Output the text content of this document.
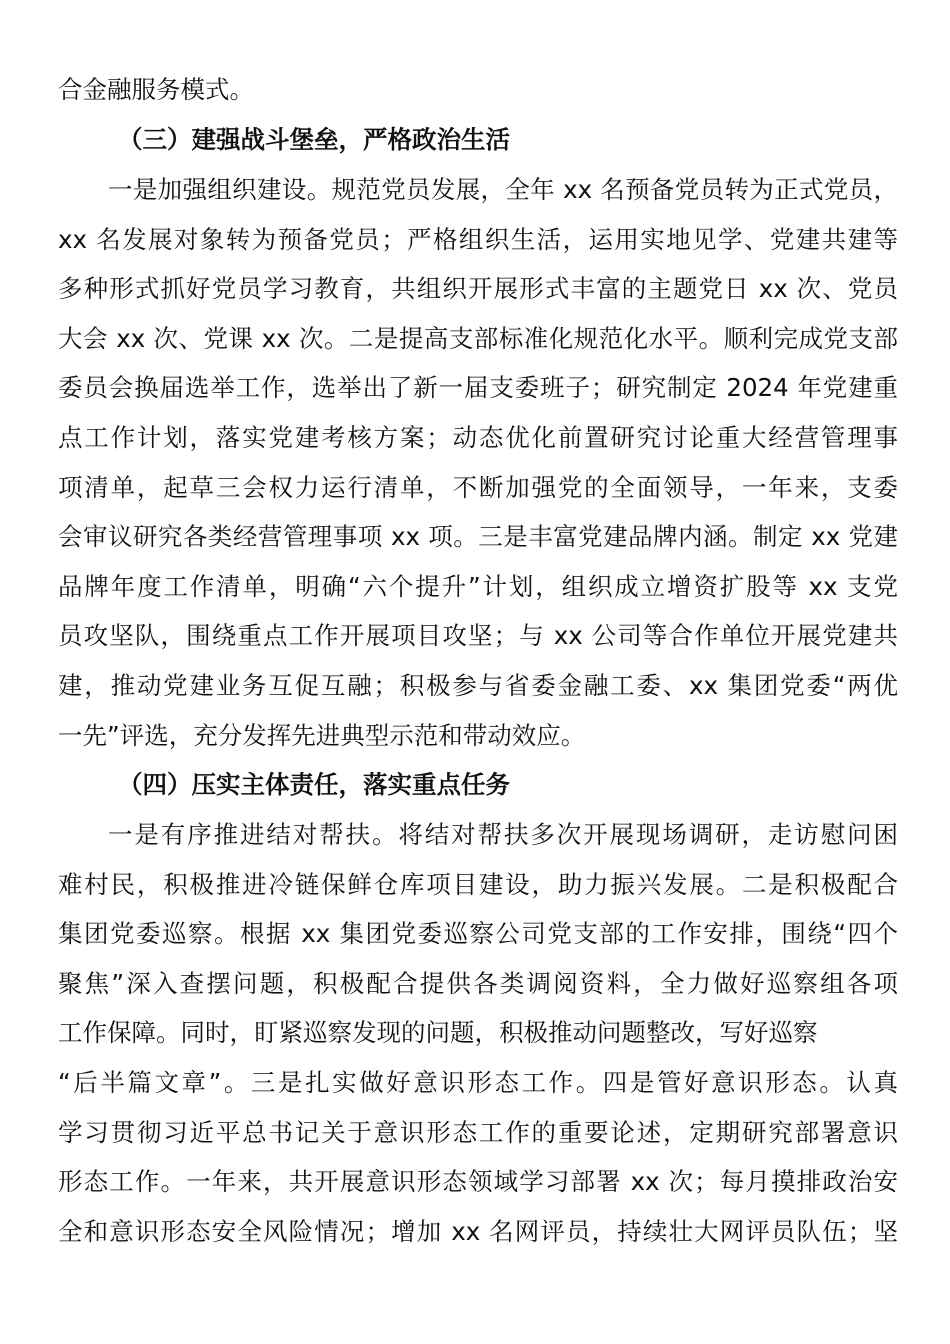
合金融服务模式。
（三）建强战斗堡垒，严格政治生活
一是加强组织建设。规范党员发展，全年 xx 名预备党员转为正式党员，
xx 名发展对象转为预备党员；严格组织生活，运用实地见学、党建共建等
多种形式抓好党员学习教育，共组织开展形式丰富的主题党日 xx 次、党员
大会 xx 次、党课 xx 次。二是提高支部标准化规范化水平。顺利完成党支部
委员会换届选举工作，选举出了新一届支委班子；研究制定 2024 年党建重
点工作计划，落实党建考核方案；动态优化前置研究讨论重大经营管理事
项清单，起草三会权力运行清单，不断加强党的全面领导，一年来，支委
会审议研究各类经营管理事项 xx 项。三是丰富党建品牌内涵。制定 xx 党建
品牌年度工作清单，明确“六个提升”计划，组织成立增资扩股等 xx 支党
员攻坚队，围绕重点工作开展项目攻坚；与 xx 公司等合作单位开展党建共
建，推动党建业务互促互融；积极参与省委金融工委、xx 集团党委“两优
一先”评选，充分发挥先进典型示范和带动效应。
（四）压实主体责任，落实重点任务
一是有序推进结对帮扶。将结对帮扶多次开展现场调研，走访慰问困
难村民，积极推进冷链保鲜仓库项目建设，助力振兴发展。二是积极配合
集团党委巡察。根据 xx 集团党委巡察公司党支部的工作安排，围绕“四个
聚焦”深入查摆问题，积极配合提供各类调阅资料，全力做好巡察组各项
工作保障。同时，盯紧巡察发现的问题，积极推动问题整改，写好巡察
“后半篇文章”。三是扎实做好意识形态工作。四是管好意识形态。认真
学习贯彻习近平总书记关于意识形态工作的重要论述，定期研究部署意识
形态工作。一年来，共开展意识形态领域学习部署 xx 次；每月摸排政治安
全和意识形态安全风险情况；增加 xx 名网评员，持续壮大网评员队伍；坚
